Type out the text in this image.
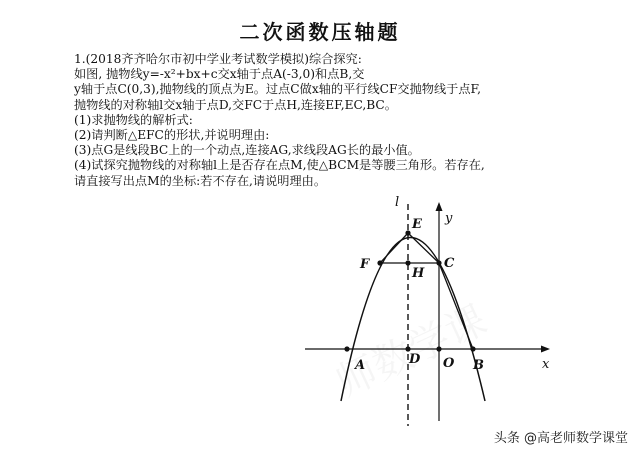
二次函数压轴题
1.(2018齐齐哈尔市初中学业考试数学模拟)综合探究:
如图, 抛物线y=-x²+bx+c交x轴于点A(-3,0)和点B,交
y轴于点C(0,3),抛物线的顶点为E。过点C做x轴的平行线CF交抛物线于点F,
抛物线的对称轴l交x轴于点D,交FC于点H,连接EF,EC,BC。
(1)求抛物线的解析式:
(2)请判断△EFC的形状,并说明理由:
(3)点G是线段BC上的一个动点,连接AG,求线段AG长的最小值。
(4)试探究抛物线的对称轴l上是否存在点M,使△BCM是等腰三角形。若存在,
请直接写出点M的坐标:若不存在,请说明理由。
l
y
x
E
F
H
C
A	D O B
头条 @高老师数学课堂
